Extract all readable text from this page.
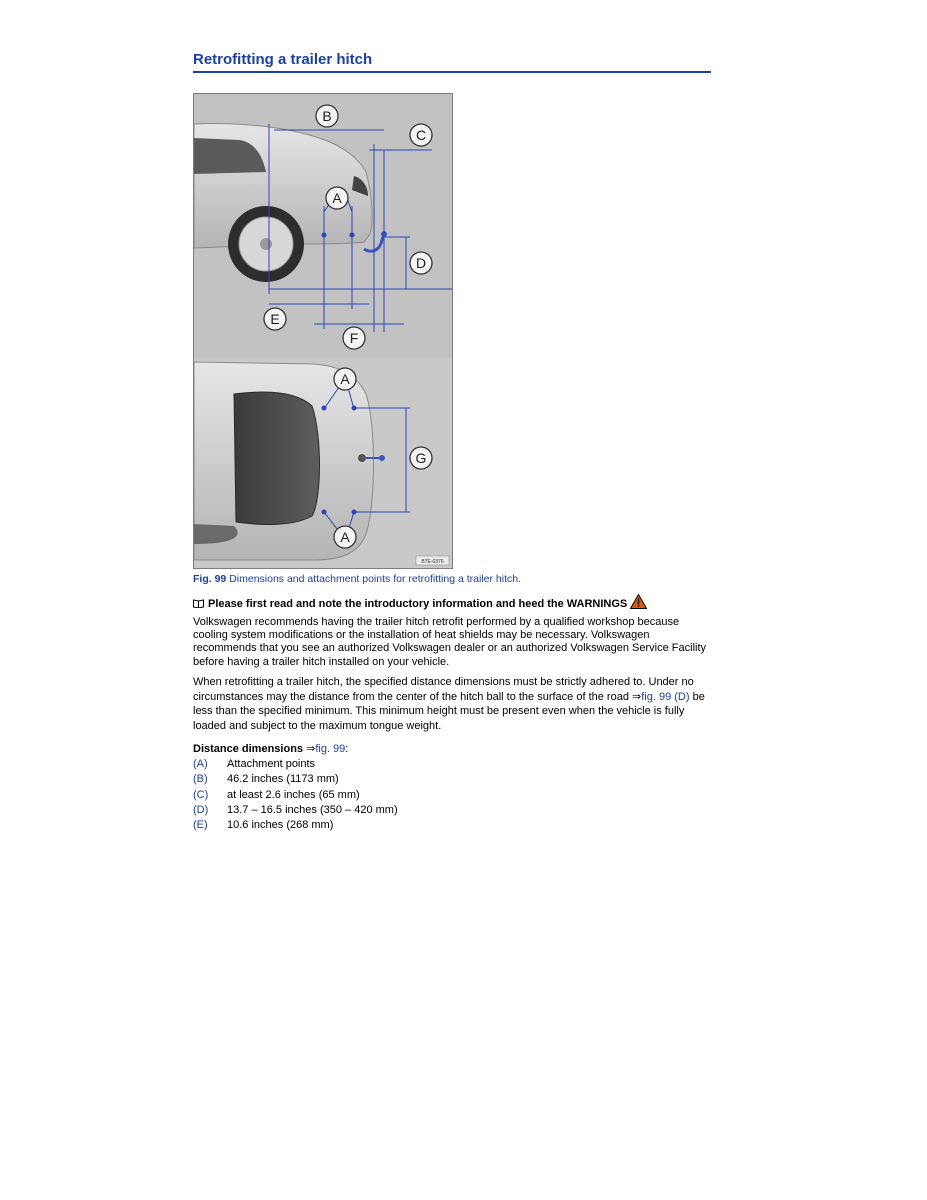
Retrofitting a trailer hitch
B
C
A
D
E
F
A
G
A
B7E-0376
Fig. 99 Dimensions and attachment points for retrofitting a trailer hitch.
Please first read and note the introductory information and heed the WARNINGS
Volkswagen recommends having the trailer hitch retrofit performed by a qualified workshop because cooling system modifications or the installation of heat shields may be necessary. Volkswagen recommends that you see an authorized Volkswagen dealer or an authorized Volkswagen Service Facility before having a trailer hitch installed on your vehicle.
When retrofitting a trailer hitch, the specified distance dimensions must be strictly adhered to. Under no circumstances may the distance from the center of the hitch ball to the surface of the road ⇒fig. 99 (D) be less than the specified minimum. This minimum height must be present even when the vehicle is fully loaded and subject to the maximum tongue weight.
Distance dimensions ⇒fig. 99:
(A)	Attachment points
(B)	46.2 inches (1173 mm)
(C)	at least 2.6 inches (65 mm)
(D)	13.7 – 16.5 inches (350 – 420 mm)
(E)	10.6 inches (268 mm)
